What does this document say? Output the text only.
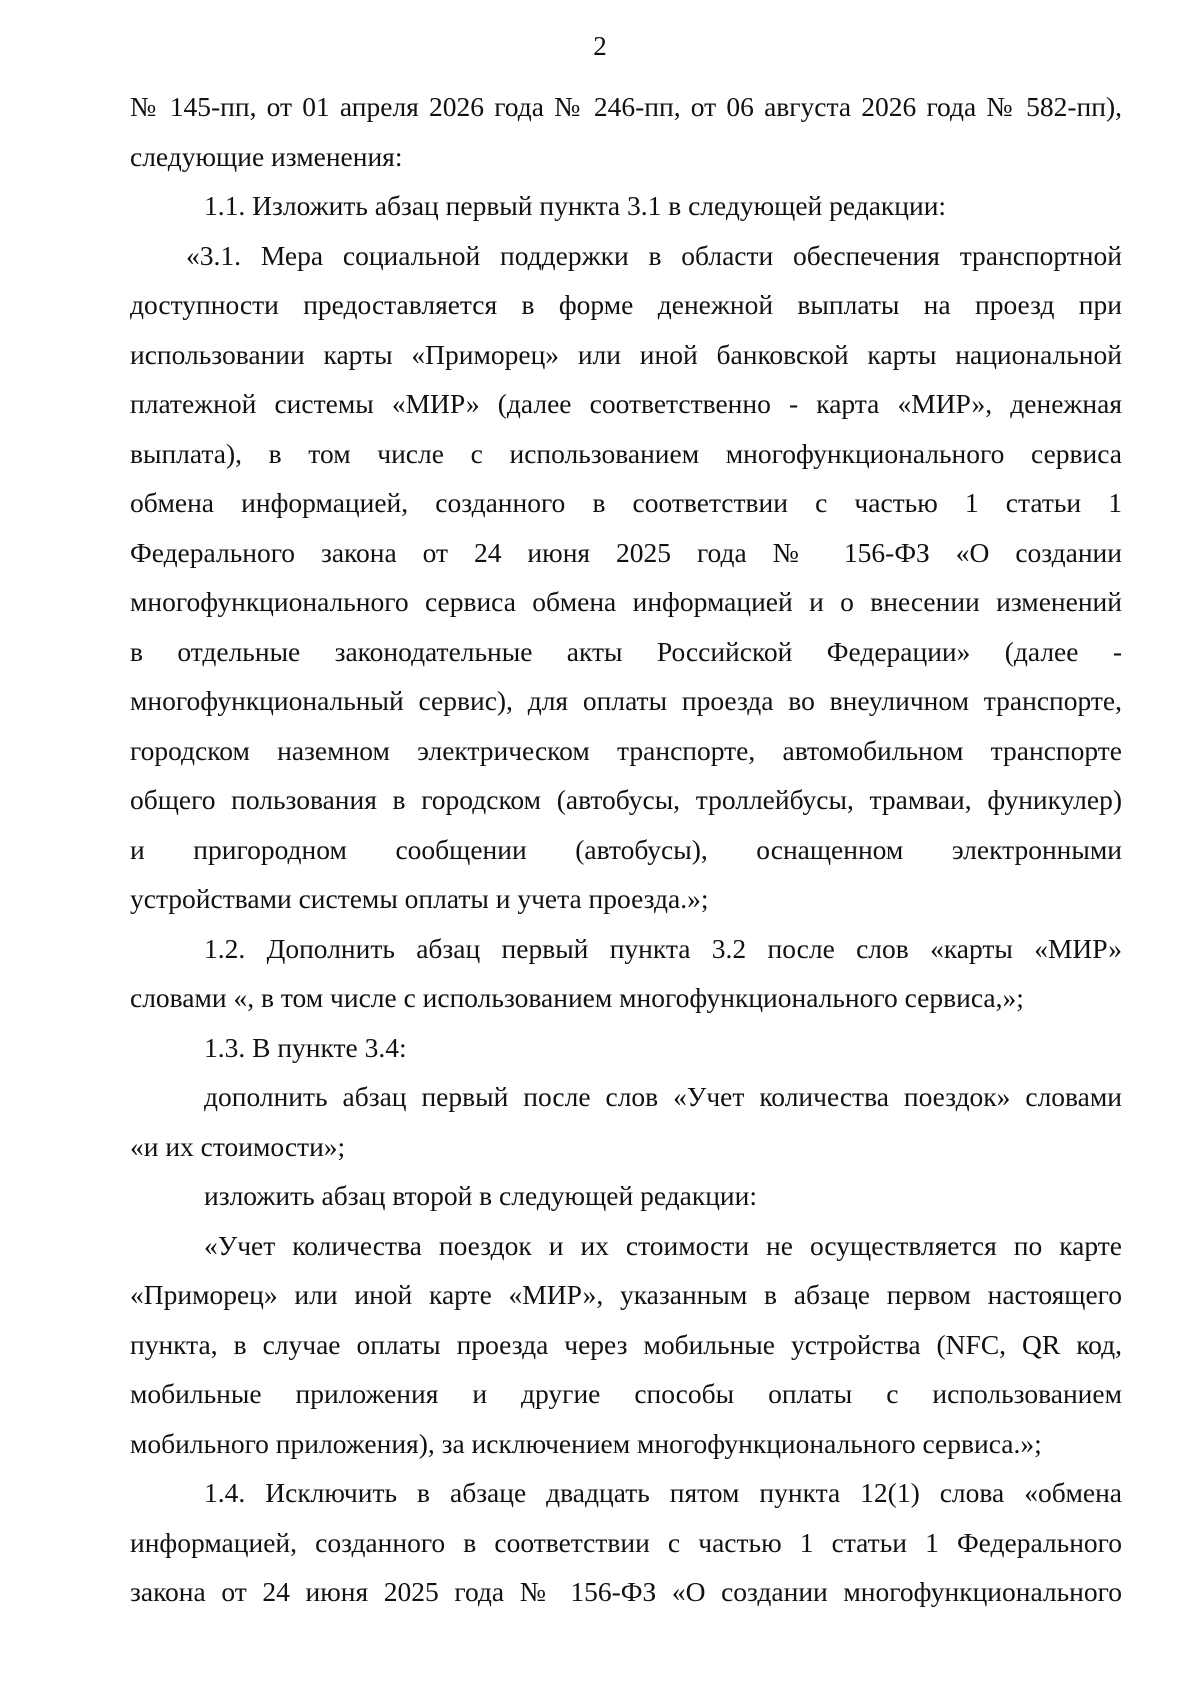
2
№ 145-пп, от 01 апреля 2026 года № 246-пп, от 06 августа 2026 года № 582-пп),
следующие изменения:
1.1. Изложить абзац первый пункта 3.1 в следующей редакции:
«3.1. Мера социальной поддержки в области обеспечения транспортной
доступности предоставляется в форме денежной выплаты на проезд при
использовании карты «Приморец» или иной банковской карты национальной
платежной системы «МИР» (далее соответственно - карта «МИР», денежная
выплата), в том числе с использованием многофункционального сервиса
обмена информацией, созданного в соответствии с частью 1 статьи 1
Федерального закона от 24 июня 2025 года № 156-ФЗ «О создании
многофункционального сервиса обмена информацией и о внесении изменений
в отдельные законодательные акты Российской Федерации» (далее -
многофункциональный сервис), для оплаты проезда во внеуличном транспорте,
городском наземном электрическом транспорте, автомобильном транспорте
общего пользования в городском (автобусы, троллейбусы, трамваи, фуникулер)
и пригородном сообщении (автобусы), оснащенном электронными
устройствами системы оплаты и учета проезда.»;
1.2. Дополнить абзац первый пункта 3.2 после слов «карты «МИР»
словами «, в том числе с использованием многофункционального сервиса,»;
1.3. В пункте 3.4:
дополнить абзац первый после слов «Учет количества поездок» словами
«и их стоимости»;
изложить абзац второй в следующей редакции:
«Учет количества поездок и их стоимости не осуществляется по карте
«Приморец» или иной карте «МИР», указанным в абзаце первом настоящего
пункта, в случае оплаты проезда через мобильные устройства (NFC, QR код,
мобильные приложения и другие способы оплаты с использованием
мобильного приложения), за исключением многофункционального сервиса.»;
1.4. Исключить в абзаце двадцать пятом пункта 12(1) слова «обмена
информацией, созданного в соответствии с частью 1 статьи 1 Федерального
закона от 24 июня 2025 года № 156-ФЗ «О создании многофункционального
